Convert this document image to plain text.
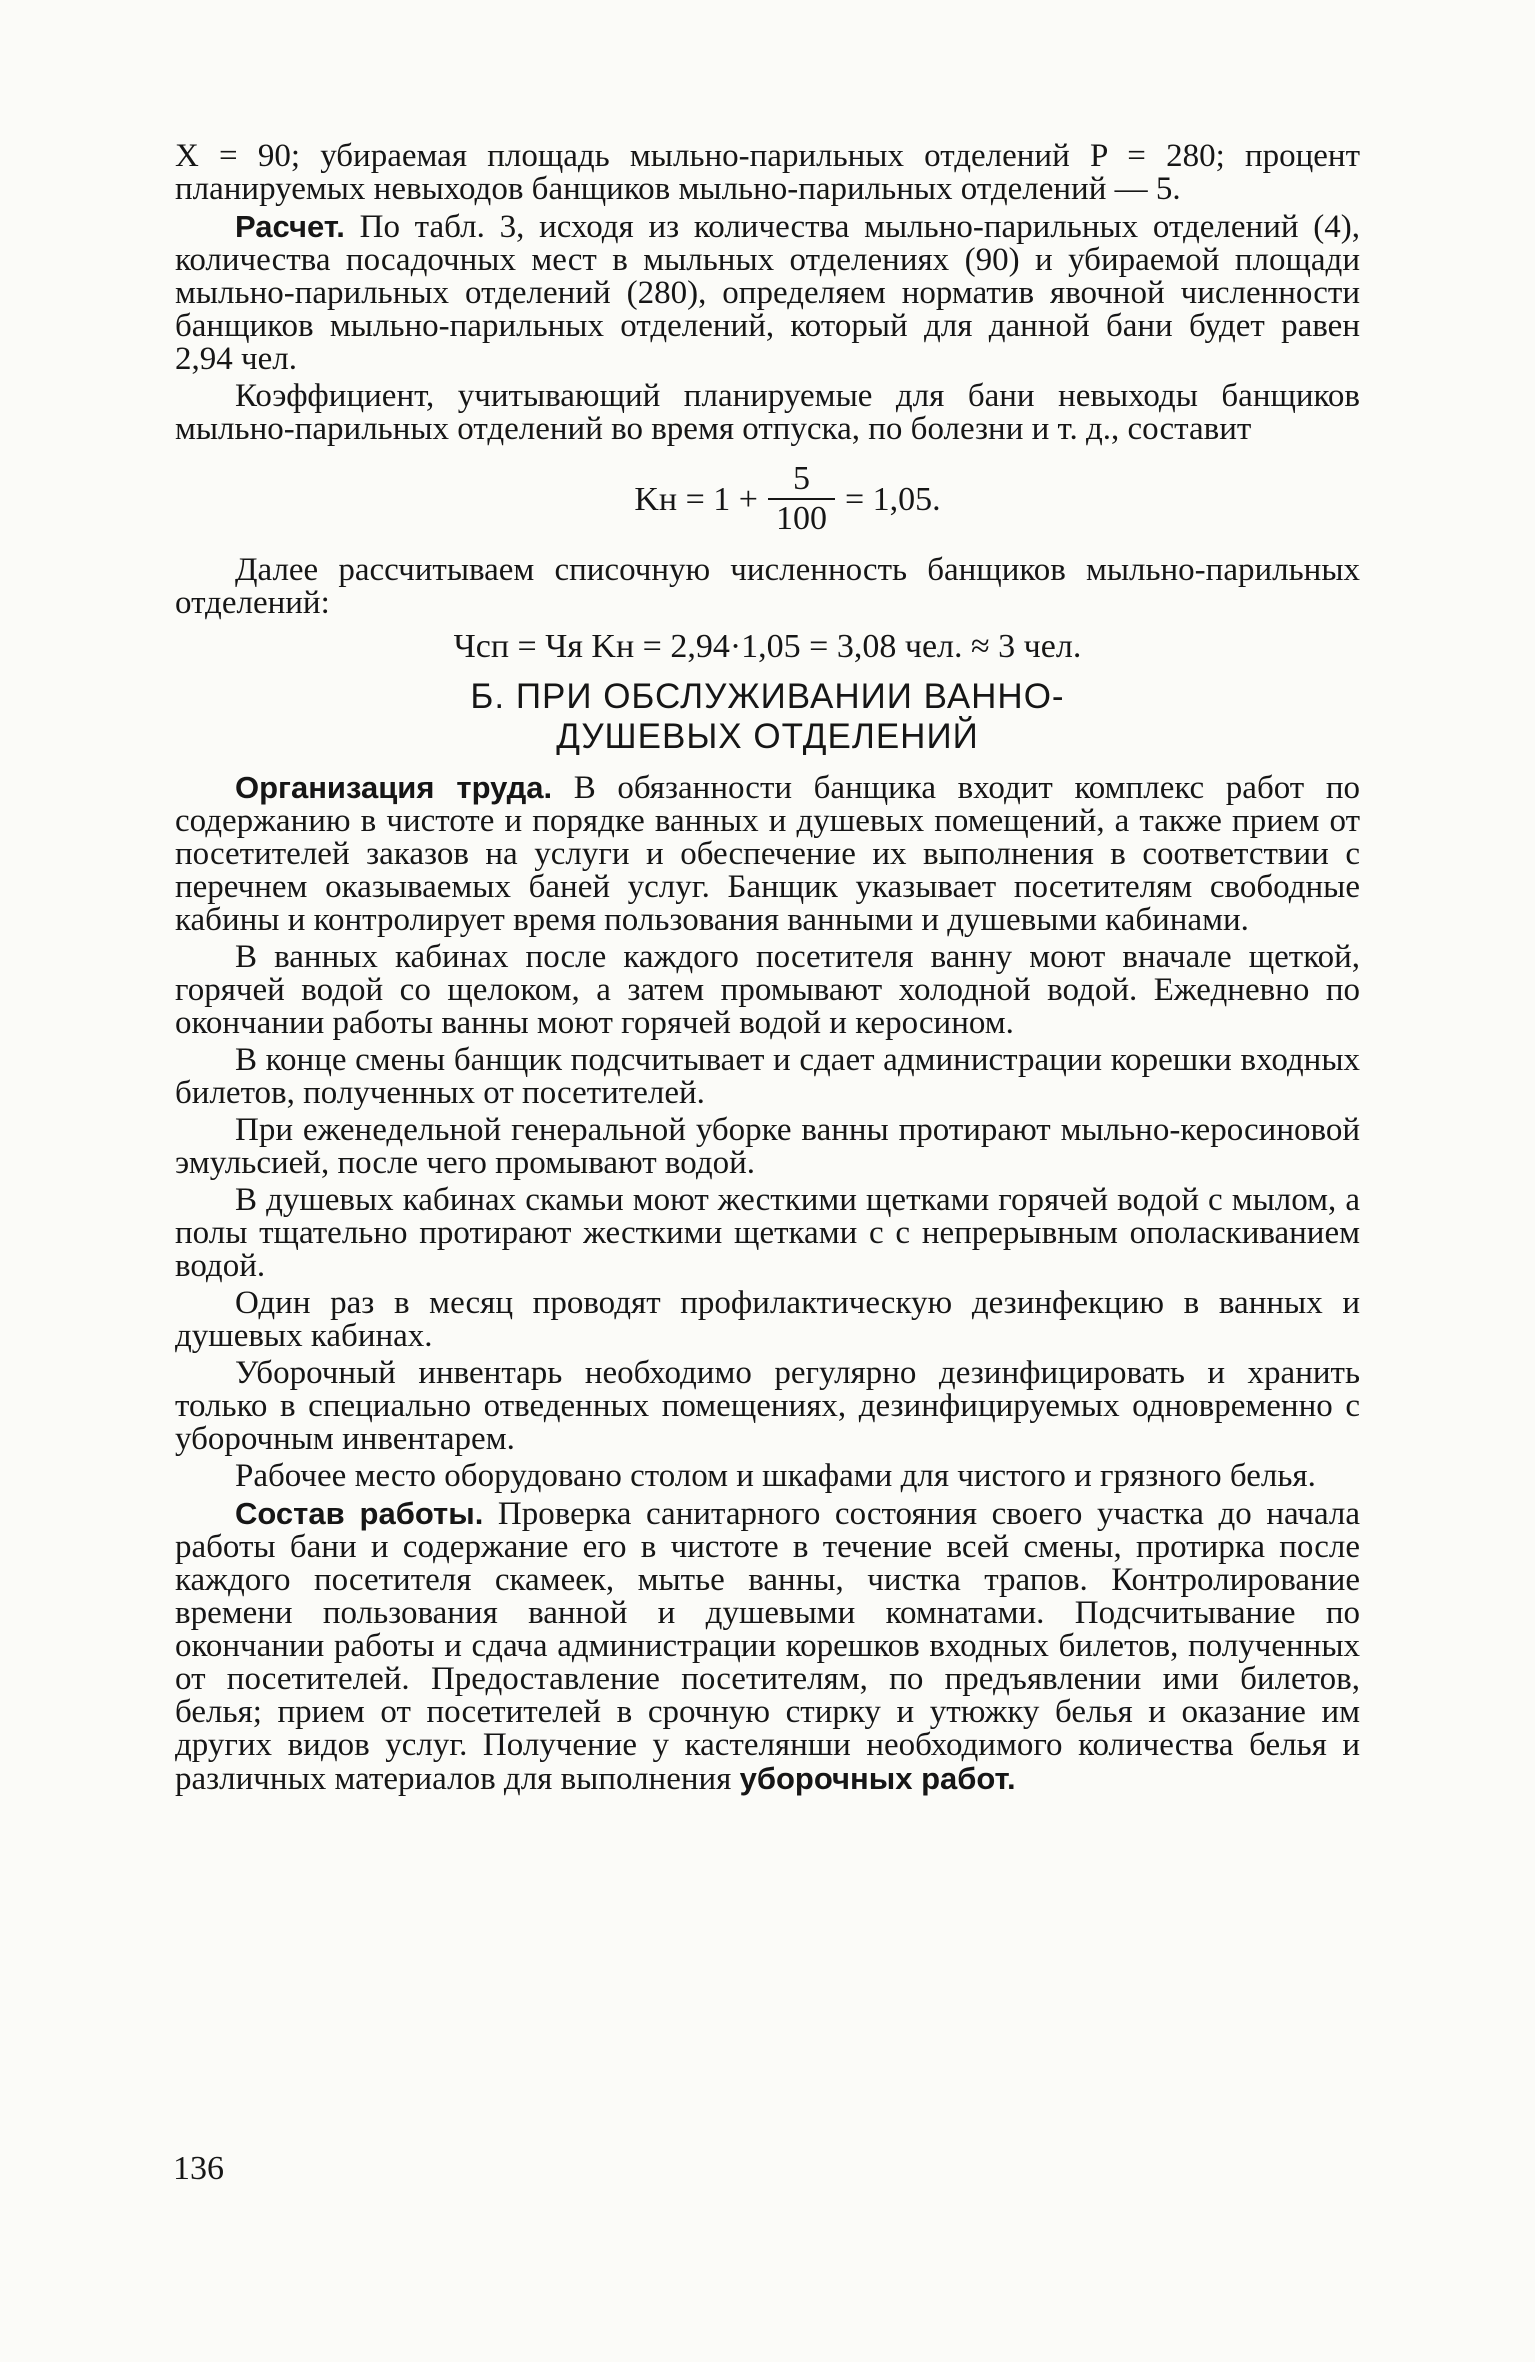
X = 90; убираемая площадь мыльно-парильных отделений P = 280; процент планируемых невыходов банщиков мыльно-парильных отделений — 5.

Расчет. По табл. 3, исходя из количества мыльно-парильных отделений (4), количества посадочных мест в мыльных отделениях (90) и убираемой площади мыльно-парильных отделений (280), определяем норматив явочной численности банщиков мыльно-парильных отделений, который для данной бани будет равен 2,94 чел.

Коэффициент, учитывающий планируемые для бани невыходы банщиков мыльно-парильных отделений во время отпуска, по болезни и т. д., составит

Kн = $1 + \frac{5}{100} = 1,05$.

Далее рассчитываем списочную численность банщиков мыльно-парильных отделений:

Чсп = Чя Kн = 2,94·1,05 = 3,08 чел. ≈ 3 чел.
Б. ПРИ ОБСЛУЖИВАНИИ ВАННО-
ДУШЕВЫХ ОТДЕЛЕНИЙ

Организация труда. В обязанности банщика входит комплекс работ по содержанию в чистоте и порядке ванных и душевых помещений, а также прием от посетителей заказов на услуги и обеспечение их выполнения в соответствии с перечнем оказываемых баней услуг. Банщик указывает посетителям свободные кабины и контролирует время пользования ванными и душевыми кабинами.

В ванных кабинах после каждого посетителя ванну моют вначале щеткой, горячей водой со щелоком, а затем промывают холодной водой. Ежедневно по окончании работы ванны моют горячей водой и керосином.

В конце смены банщик подсчитывает и сдает администрации корешки входных билетов, полученных от посетителей.

При еженедельной генеральной уборке ванны протирают мыльно-керосиновой эмульсией, после чего промывают водой.

В душевых кабинах скамьи моют жесткими щетками горячей водой с мылом, а полы тщательно протирают жесткими щетками с с непрерывным ополаскиванием водой.

Один раз в месяц проводят профилактическую дезинфекцию в ванных и душевых кабинах.

Уборочный инвентарь необходимо регулярно дезинфицировать и хранить только в специально отведенных помещениях, дезинфицируемых одновременно с уборочным инвентарем.

Рабочее место оборудовано столом и шкафами для чистого и грязного белья.

Состав работы. Проверка санитарного состояния своего участка до начала работы бани и содержание его в чистоте в течение всей смены, протирка после каждого посетителя скамеек, мытье ванны, чистка трапов. Контролирование времени пользования ванной и душевыми комнатами. Подсчитывание по окончании работы и сдача администрации корешков входных билетов, полученных от посетителей. Предоставление посетителям, по предъявлении ими билетов, белья; прием от посетителей в срочную стирку и утюжку белья и оказание им других видов услуг. Получение у кастелянши необходимого количества белья и различных материалов для выполнения уборочных работ.

136
